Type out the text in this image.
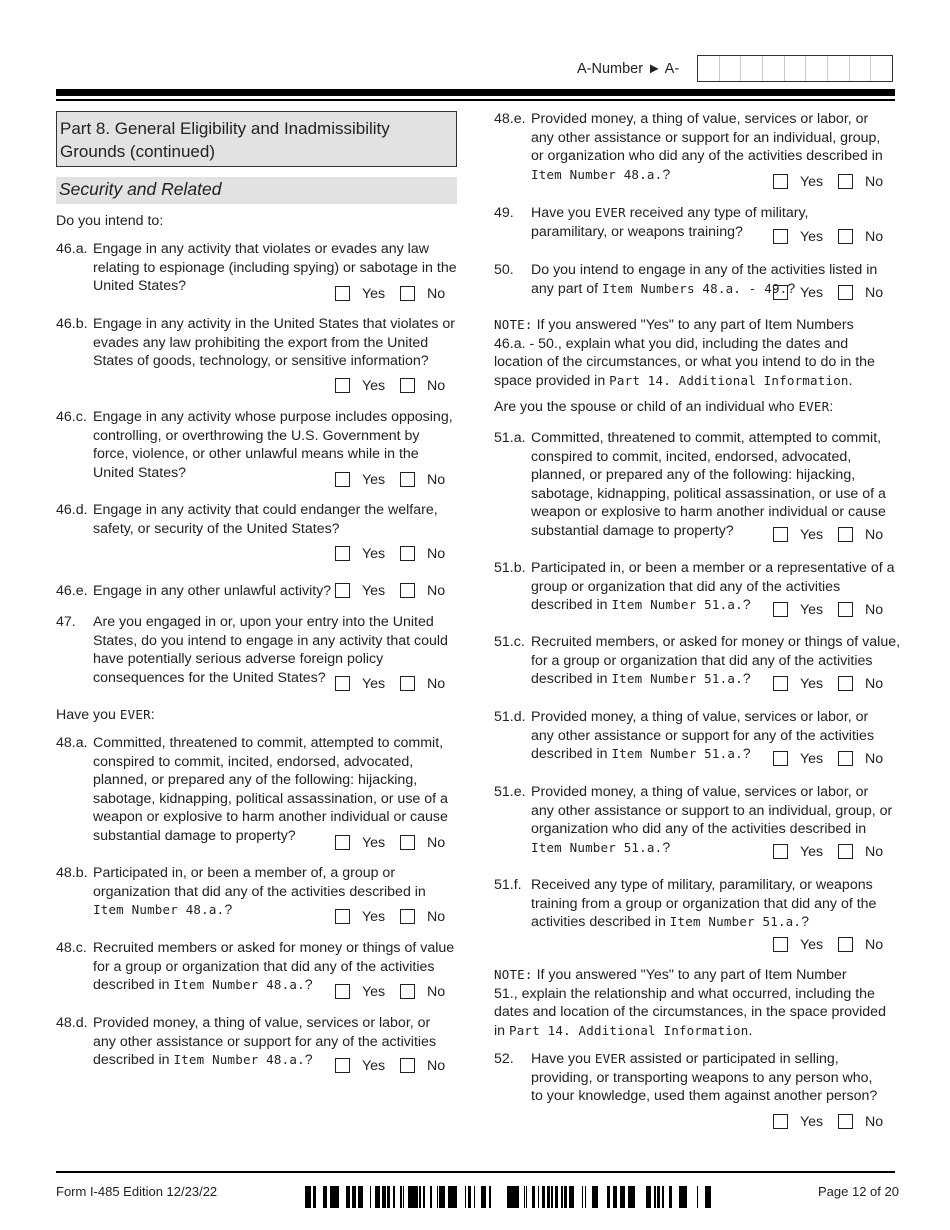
A-Number ► A-
Part 8. General Eligibility and Inadmissibility Grounds (continued)
Security and Related
Do you intend to:
Have you EVER:
46.a. Engage in any activity that violates or evades any law
relating to espionage (including spying) or sabotage in the
United States?	Yes	No
46.b. Engage in any activity in the United States that violates or
evades any law prohibiting the export from the United
States of goods, technology, or sensitive information?
Yes	No
46.c. Engage in any activity whose purpose includes opposing,
controlling, or overthrowing the U.S. Government by
force, violence, or other unlawful means while in the
United States?	Yes	No
46.d. Engage in any activity that could endanger the welfare,
safety, or security of the United States?
Yes	No
46.e. Engage in any other unlawful activity? Yes	No
47. Are you engaged in or, upon your entry into the United
States, do you intend to engage in any activity that could
have potentially serious adverse foreign policy
consequences for the United States?	Yes	No
48.a. Committed, threatened to commit, attempted to commit,
conspired to commit, incited, endorsed, advocated,
planned, or prepared any of the following: hijacking,
sabotage, kidnapping, political assassination, or use of a
weapon or explosive to harm another individual or cause
substantial damage to property?	Yes	No
48.b. Participated in, or been a member of, a group or
organization that did any of the activities described in
Item Number 48.a.?	Yes	No
48.c. Recruited members or asked for money or things of value
for a group or organization that did any of the activities
described in Item Number 48.a.?	Yes	No
48.d. Provided money, a thing of value, services or labor, or
any other assistance or support for any of the activities
described in Item Number 48.a.?	Yes	No
48.e. Provided money, a thing of value, services or labor, or
any other assistance or support for an individual, group,
or organization who did any of the activities described in
Item Number 48.a.?	Yes	No
49. Have you EVER received any type of military,
paramilitary, or weapons training?	Yes	No
50. Do you intend to engage in any of the activities listed in
any part of Item Numbers 48.a. - 49.? Yes	No
51.a. Committed, threatened to commit, attempted to commit,
conspired to commit, incited, endorsed, advocated,
planned, or prepared any of the following: hijacking,
sabotage, kidnapping, political assassination, or use of a
weapon or explosive to harm another individual or cause
substantial damage to property?	Yes	No
51.b. Participated in, or been a member or a representative of a
group or organization that did any of the activities
described in Item Number 51.a.?	Yes	No
51.c. Recruited members, or asked for money or things of value,
for a group or organization that did any of the activities
described in Item Number 51.a.?	Yes	No
51.d. Provided money, a thing of value, services or labor, or
any other assistance or support for any of the activities
described in Item Number 51.a.?	Yes	No
51.e. Provided money, a thing of value, services or labor, or
any other assistance or support to an individual, group, or
organization who did any of the activities described in
Item Number 51.a.?	Yes	No
51.f. Received any type of military, paramilitary, or weapons
training from a group or organization that did any of the
activities described in Item Number 51.a.?
Yes	No
52. Have you EVER assisted or participated in selling,
providing, or transporting weapons to any person who,
to your knowledge, used them against another person?
Yes	No
NOTE: If you answered "Yes" to any part of Item Numbers
46.a. - 50., explain what you did, including the dates and
location of the circumstances, or what you intend to do in the
space provided in Part 14. Additional Information.
Are you the spouse or child of an individual who EVER:
NOTE: If you answered "Yes" to any part of Item Number
51., explain the relationship and what occurred, including the
dates and location of the circumstances, in the space provided
in Part 14. Additional Information.
Form I-485 Edition 12/23/22	Page 12 of 20
